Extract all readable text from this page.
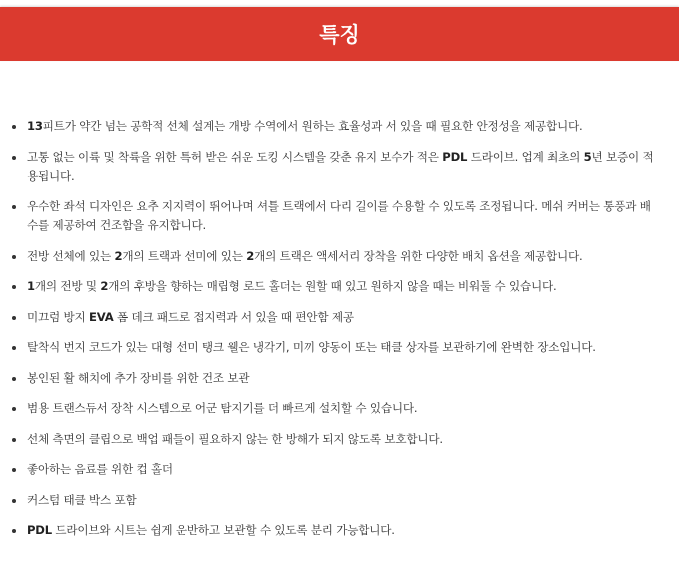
특징
13피트가 약간 넘는 공학적 선체 설계는 개방 수역에서 원하는 효율성과 서 있을 때 필요한 안정성을 제공합니다.
고통 없는 이륙 및 착륙을 위한 특허 받은 쉬운 도킹 시스템을 갖춘 유지 보수가 적은 PDL 드라이브. 업계 최초의 5년 보증이 적용됩니다.
우수한 좌석 디자인은 요추 지지력이 뛰어나며 셔틀 트랙에서 다리 길이를 수용할 수 있도록 조정됩니다. 메쉬 커버는 통풍과 배수를 제공하여 건조함을 유지합니다.
전방 선체에 있는 2개의 트랙과 선미에 있는 2개의 트랙은 액세서리 장착을 위한 다양한 배치 옵션을 제공합니다.
1개의 전방 및 2개의 후방을 향하는 매립형 로드 홀더는 원할 때 있고 원하지 않을 때는 비워둘 수 있습니다.
미끄럼 방지 EVA 폼 데크 패드로 접지력과 서 있을 때 편안함 제공
탈착식 번지 코드가 있는 대형 선미 탱크 웰은 냉각기, 미끼 양동이 또는 태클 상자를 보관하기에 완벽한 장소입니다.
봉인된 활 해치에 추가 장비를 위한 건조 보관
범용 트랜스듀서 장착 시스템으로 어군 탐지기를 더 빠르게 설치할 수 있습니다.
선체 측면의 클립으로 백업 패들이 필요하지 않는 한 방해가 되지 않도록 보호합니다.
좋아하는 음료를 위한 컵 홀더
커스텀 태클 박스 포함
PDL 드라이브와 시트는 쉽게 운반하고 보관할 수 있도록 분리 가능합니다.
